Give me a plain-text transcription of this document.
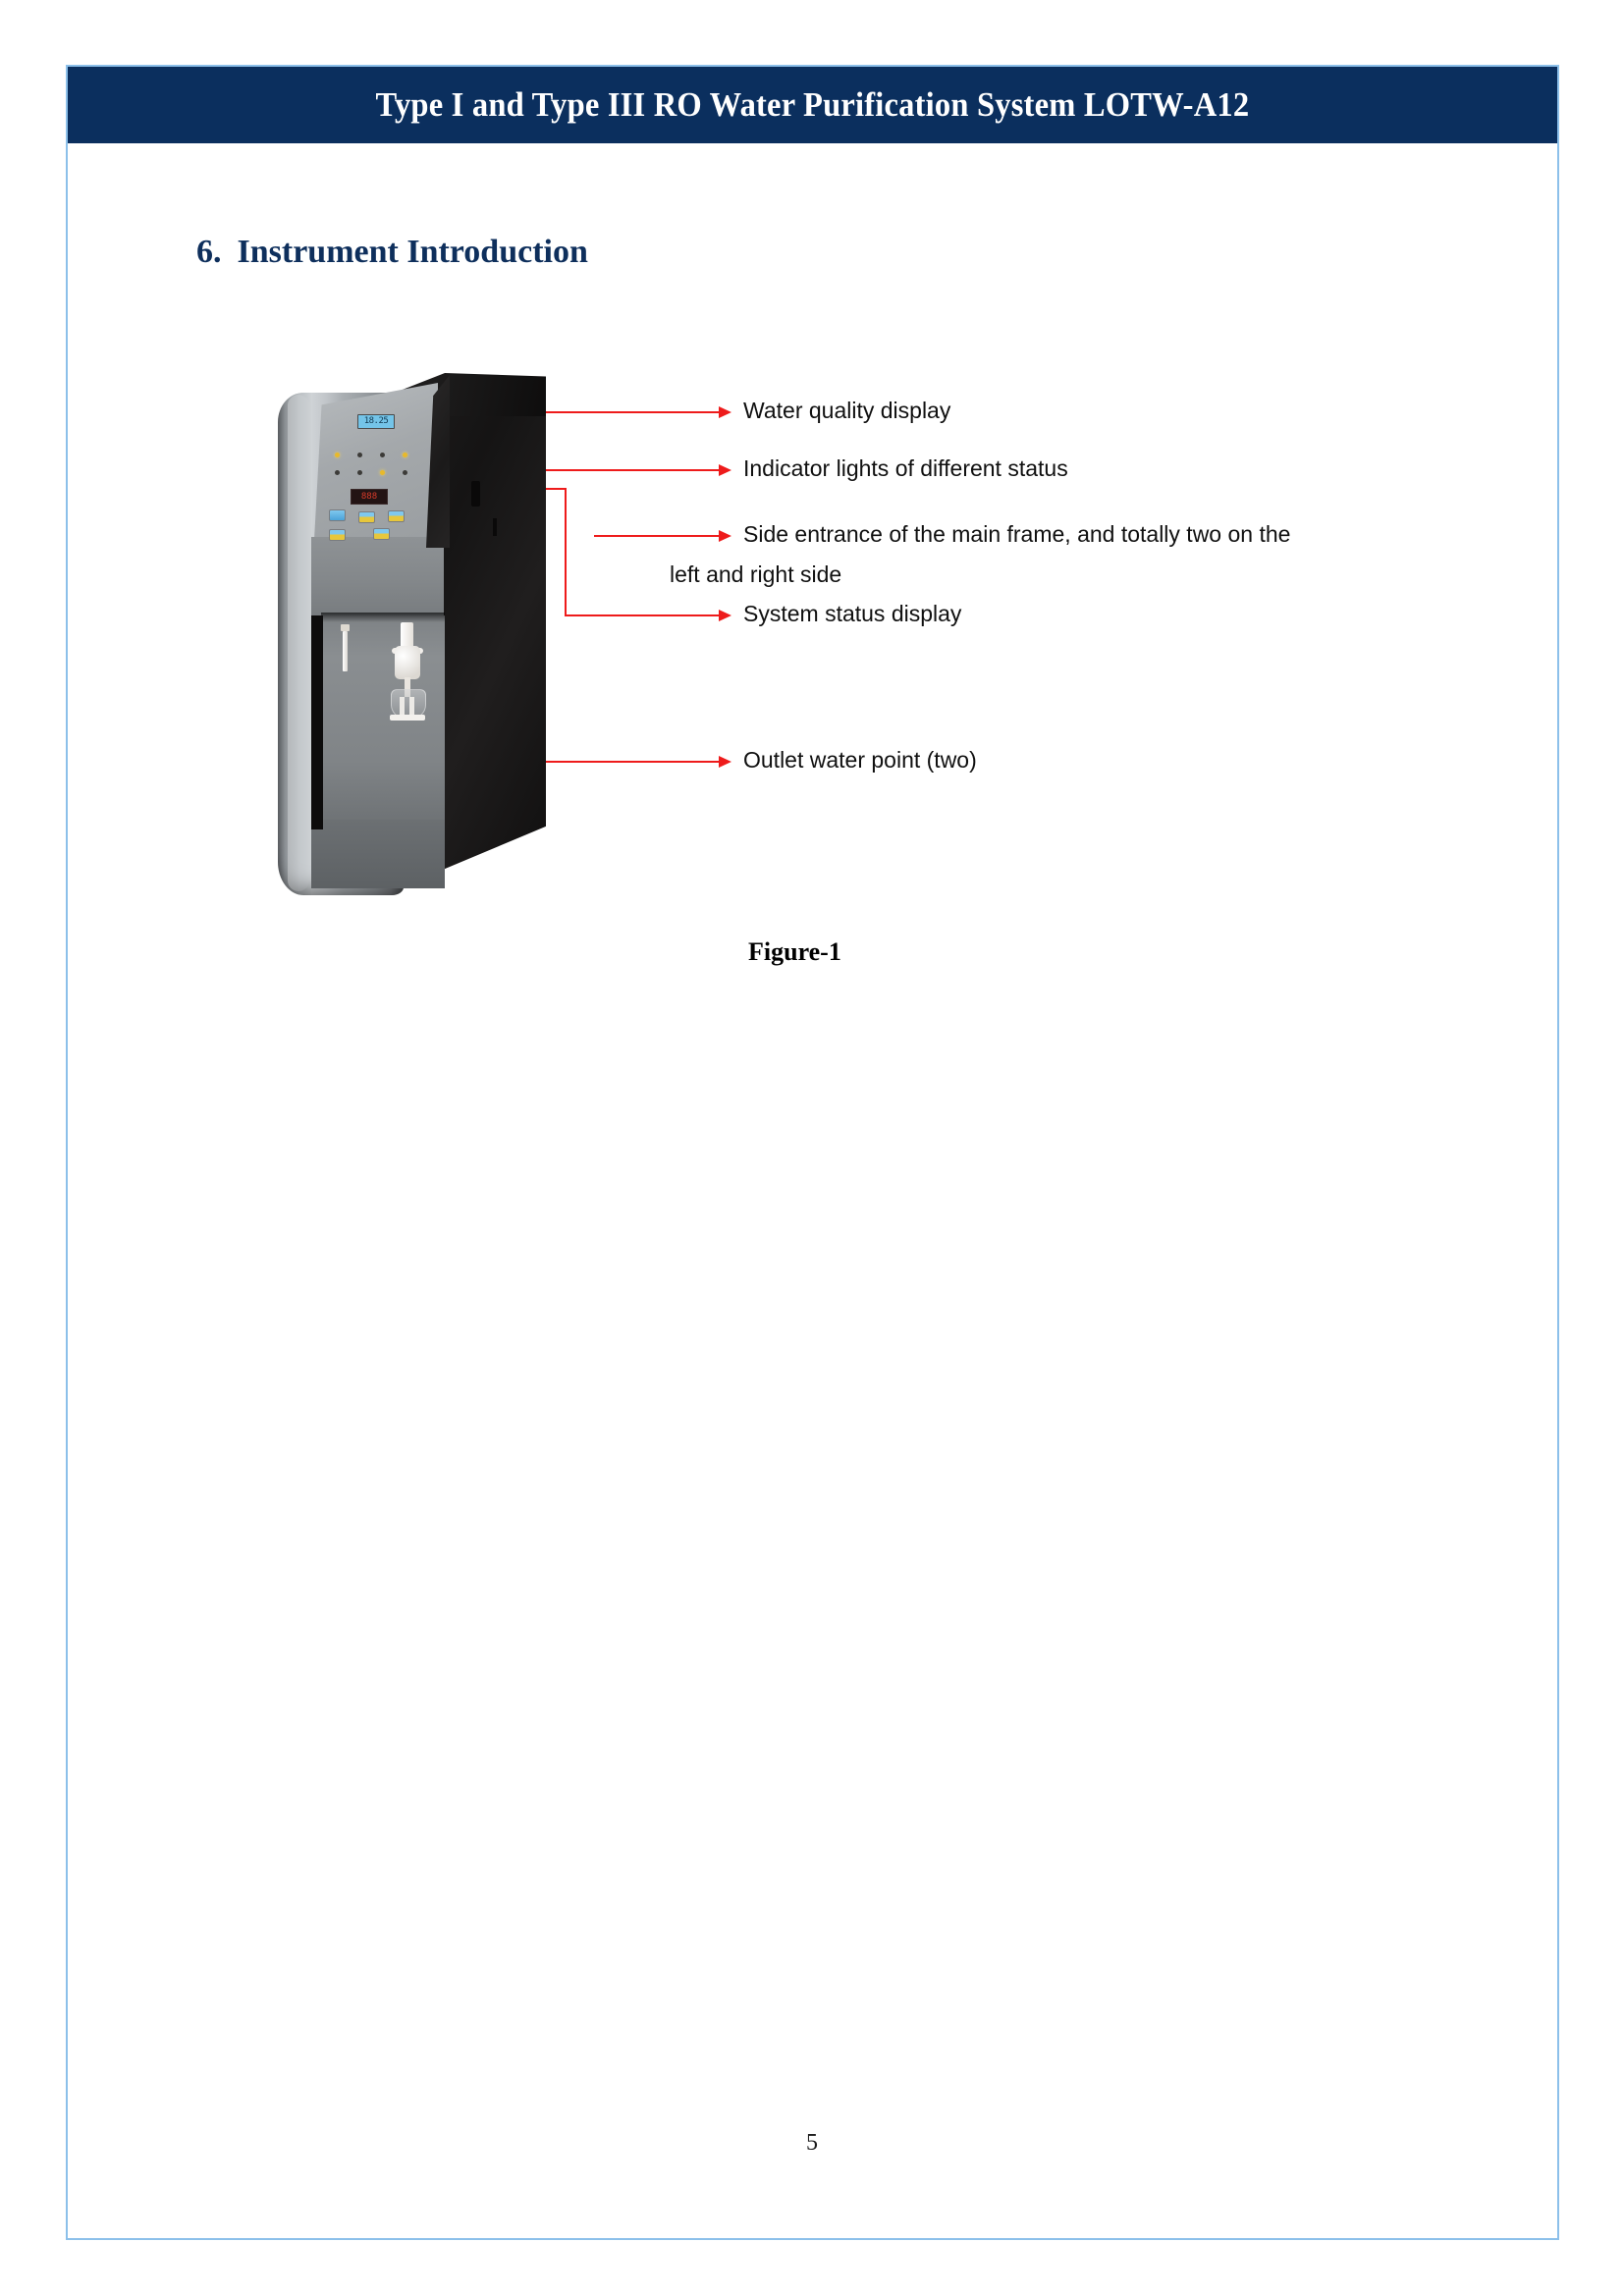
Type I and Type III RO Water Purification System LOTW-A12
6. Instrument Introduction
18.25
888
Water quality display
Indicator lights of different status
Side entrance of the main frame, and totally two on the
left and right side
System status display
Outlet water point (two)
Figure-1
5
